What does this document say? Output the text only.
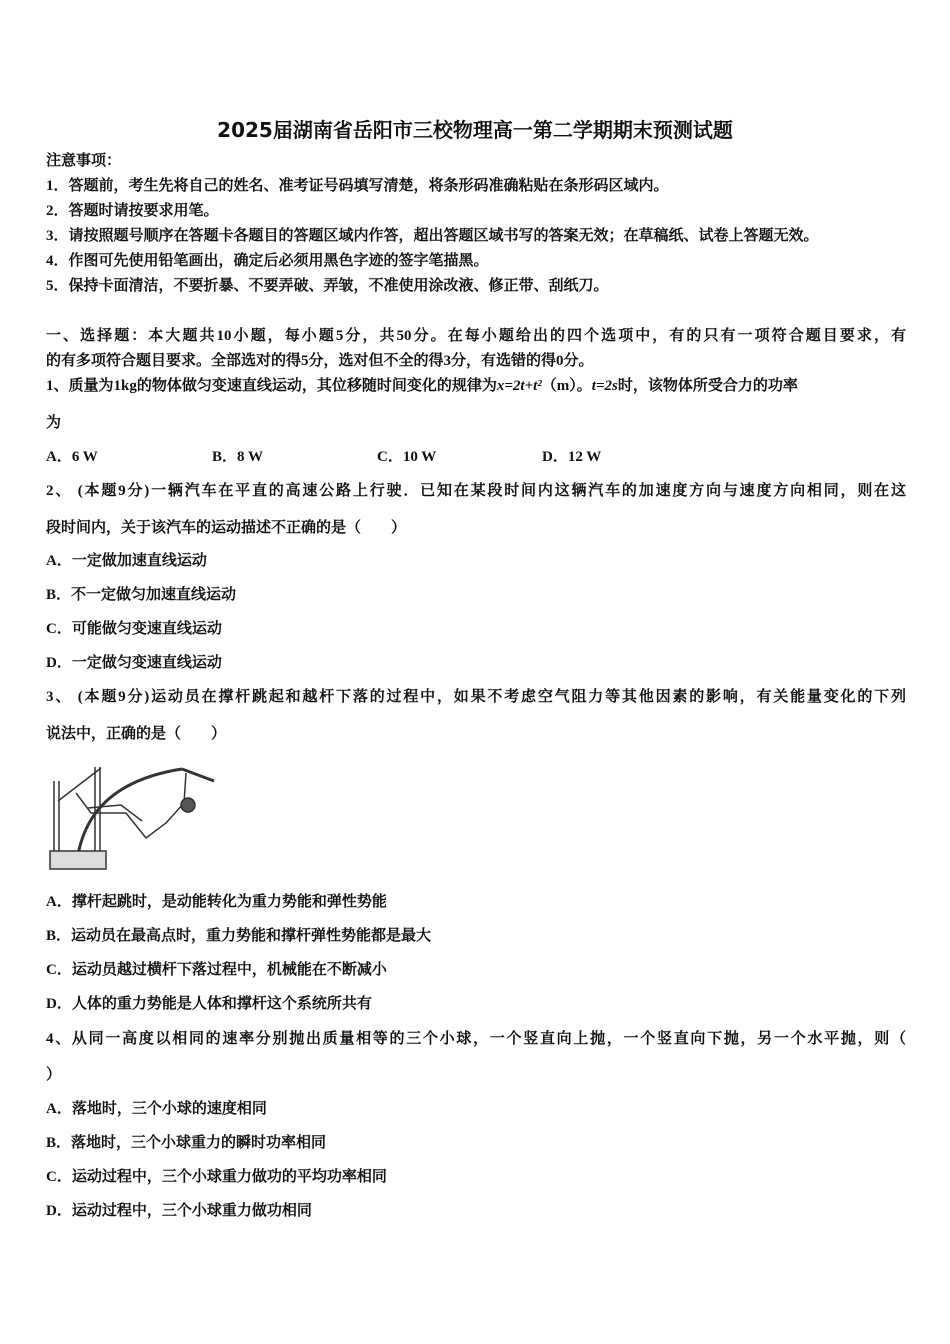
2025届湖南省岳阳市三校物理高一第二学期期末预测试题
注意事项：
1．答题前，考生先将自己的姓名、准考证号码填写清楚，将条形码准确粘贴在条形码区域内。
2．答题时请按要求用笔。
3．请按照题号顺序在答题卡各题目的答题区域内作答，超出答题区域书写的答案无效；在草稿纸、试卷上答题无效。
4．作图可先使用铅笔画出，确定后必须用黑色字迹的签字笔描黑。
5．保持卡面清洁，不要折暴、不要弄破、弄皱，不准使用涂改液、修正带、刮纸刀。
一、选择题：本大题共10小题，每小题5分，共50分。在每小题给出的四个选项中，有的只有一项符合题目要求，有
的有多项符合题目要求。全部选对的得5分，选对但不全的得3分，有选错的得0分。
1、质量为1kg的物体做匀变速直线运动，其位移随时间变化的规律为x=2t+t²（m）。t=2s时，该物体所受合力的功率
为
A．6 W	B．8 W	C．10 W	D．12 W
2、 (本题9分)一辆汽车在平直的高速公路上行驶．已知在某段时间内这辆汽车的加速度方向与速度方向相同，则在这
段时间内，关于该汽车的运动描述不正确的是（　　）
A．一定做加速直线运动
B．不一定做匀加速直线运动
C．可能做匀变速直线运动
D．一定做匀变速直线运动
3、 (本题9分)运动员在撑杆跳起和越杆下落的过程中，如果不考虑空气阻力等其他因素的影响，有关能量变化的下列
说法中，正确的是（　　）
A．撑杆起跳时，是动能转化为重力势能和弹性势能
B．运动员在最高点时，重力势能和撑杆弹性势能都是最大
C．运动员越过横杆下落过程中，机械能在不断减小
D．人体的重力势能是人体和撑杆这个系统所共有
4、从同一高度以相同的速率分别抛出质量相等的三个小球，一个竖直向上抛，一个竖直向下抛，另一个水平抛，则（
）
A．落地时，三个小球的速度相同
B．落地时，三个小球重力的瞬时功率相同
C．运动过程中，三个小球重力做功的平均功率相同
D．运动过程中，三个小球重力做功相同
